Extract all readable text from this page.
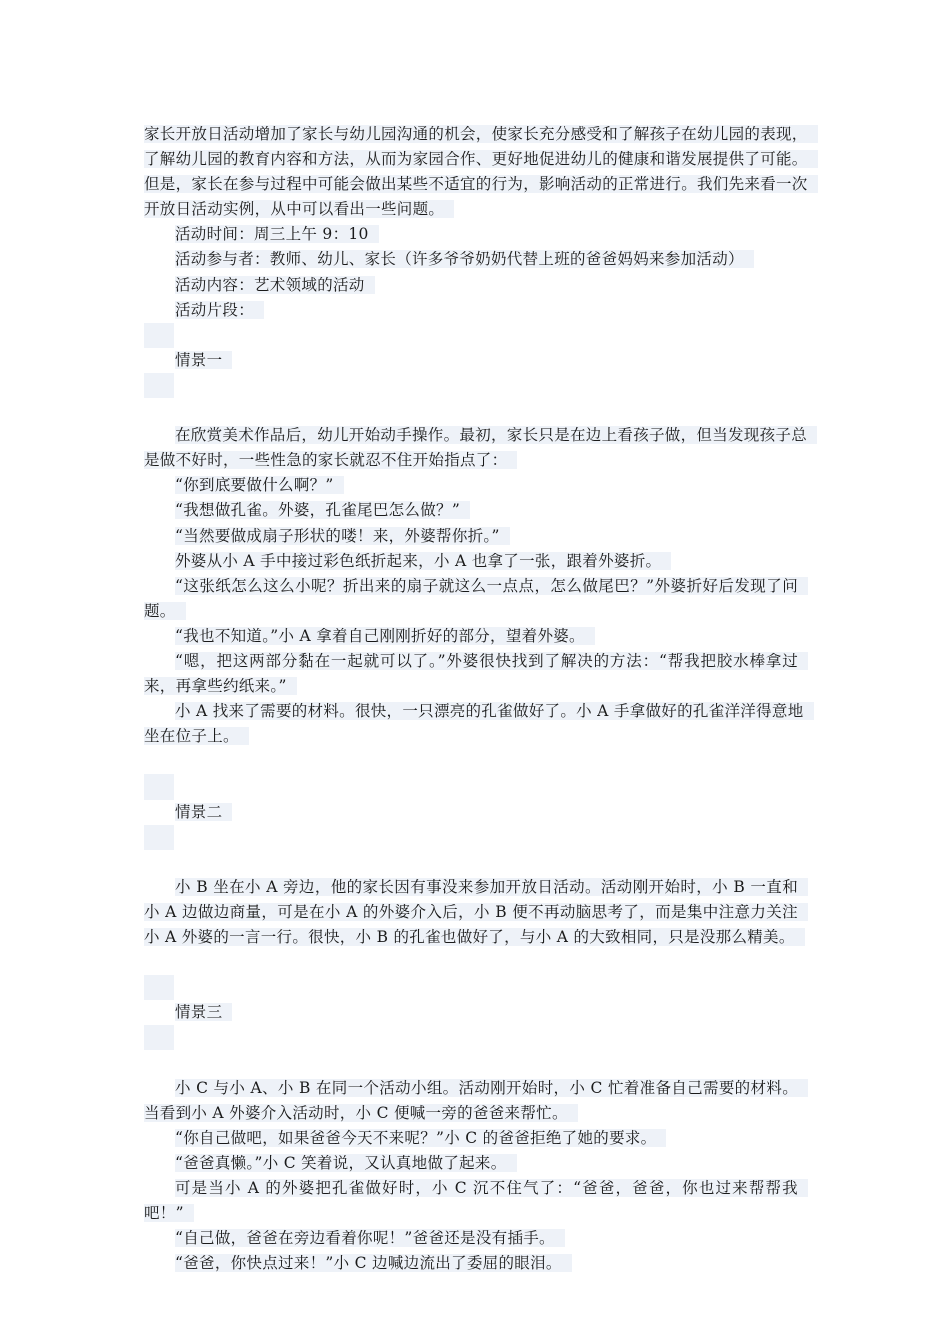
家长开放日活动增加了家长与幼儿园沟通的机会，使家长充分感受和了解孩子在幼儿园的表现，了解幼儿园的教育内容和方法，从而为家园合作、更好地促进幼儿的健康和谐发展提供了可能。但是，家长在参与过程中可能会做出某些不适宜的行为，影响活动的正常进行。我们先来看一次开放日活动实例，从中可以看出一些问题。

活动时间：周三上午 9：10

活动参与者：教师、幼儿、家长（许多爷爷奶奶代替上班的爸爸妈妈来参加活动）

活动内容：艺术领域的活动

活动片段：

情景一

在欣赏美术作品后，幼儿开始动手操作。最初，家长只是在边上看孩子做，但当发现孩子总是做不好时，一些性急的家长就忍不住开始指点了：

“你到底要做什么啊？”

“我想做孔雀。外婆，孔雀尾巴怎么做？”

“当然要做成扇子形状的喽！来，外婆帮你折。”

外婆从小 A 手中接过彩色纸折起来，小 A 也拿了一张，跟着外婆折。

“这张纸怎么这么小呢？折出来的扇子就这么一点点，怎么做尾巴？”外婆折好后发现了问题。

“我也不知道。”小 A 拿着自己刚刚折好的部分，望着外婆。

“嗯，把这两部分黏在一起就可以了。”外婆很快找到了解决的方法：“帮我把胶水棒拿过来，再拿些约纸来。”

小 A 找来了需要的材料。很快，一只漂亮的孔雀做好了。小 A 手拿做好的孔雀洋洋得意地坐在位子上。

情景二

小 B 坐在小 A 旁边，他的家长因有事没来参加开放日活动。活动刚开始时，小 B 一直和小 A 边做边商量，可是在小 A 的外婆介入后，小 B 便不再动脑思考了，而是集中注意力关注小 A 外婆的一言一行。很快，小 B 的孔雀也做好了，与小 A 的大致相同，只是没那么精美。

情景三

小 C 与小 A、小 B 在同一个活动小组。活动刚开始时，小 C 忙着准备自己需要的材料。当看到小 A 外婆介入活动时，小 C 便喊一旁的爸爸来帮忙。

“你自己做吧，如果爸爸今天不来呢？”小 C 的爸爸拒绝了她的要求。

“爸爸真懒。”小 C 笑着说，又认真地做了起来。

可是当小 A 的外婆把孔雀做好时，小 C 沉不住气了：“爸爸，爸爸，你也过来帮帮我吧！”

“自己做，爸爸在旁边看着你呢！”爸爸还是没有插手。

“爸爸，你快点过来！”小 C 边喊边流出了委屈的眼泪。
